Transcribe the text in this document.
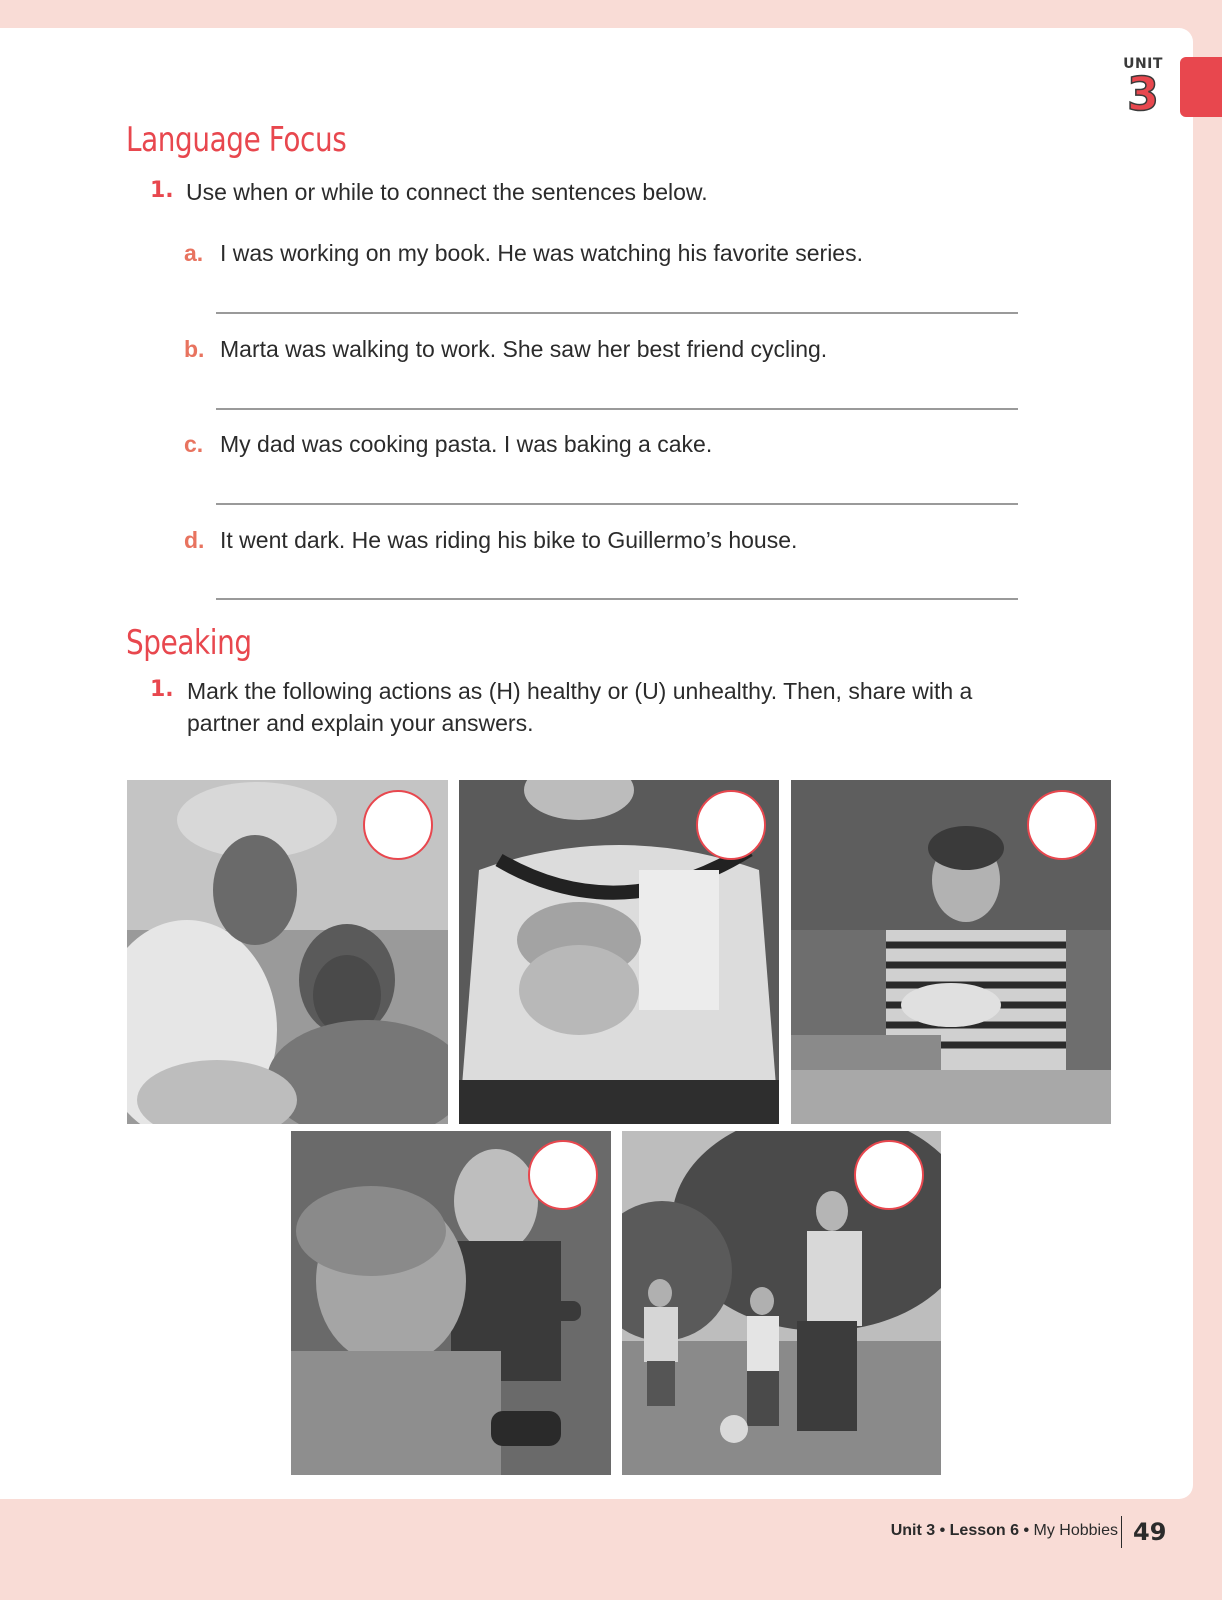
UNIT
3
Language Focus
1. Use when or while to connect the sentences below.
a. I was working on my book. He was watching his favorite series.
b. Marta was walking to work. She saw her best friend cycling.
c. My dad was cooking pasta. I was baking a cake.
d. It went dark. He was riding his bike to Guillermo’s house.
Speaking
1. Mark the following actions as (H) healthy or (U) unhealthy. Then, share with a
partner and explain your answers.
Unit 3 • Lesson 6 • My Hobbies 49
